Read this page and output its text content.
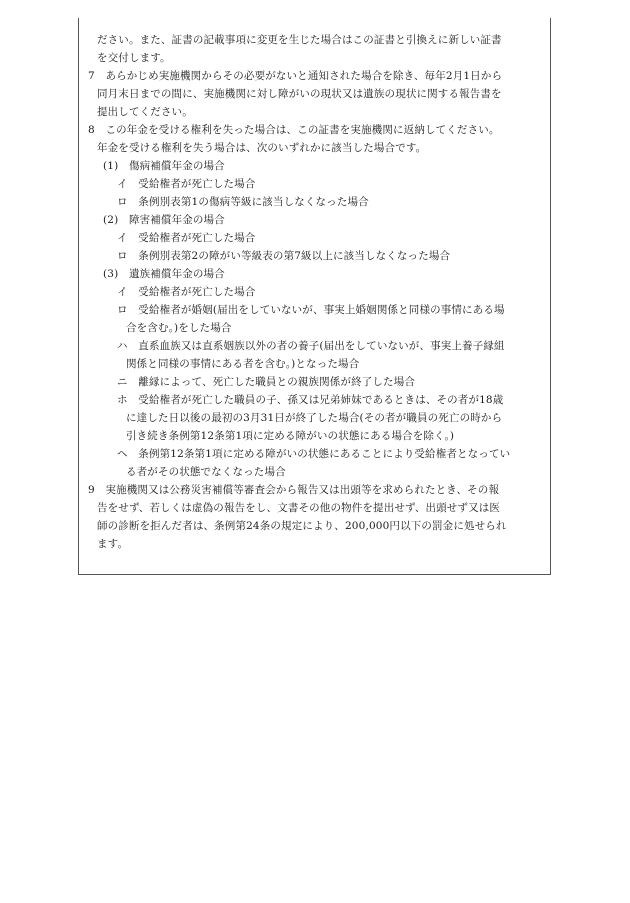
ださい。また、証書の記載事項に変更を生じた場合はこの証書と引換えに新しい証書
を交付します。
7　あらかじめ実施機関からその必要がないと通知された場合を除き、毎年2月1日から
同月末日までの間に、実施機関に対し障がいの現状又は遺族の現状に関する報告書を
提出してください。
8　この年金を受ける権利を失った場合は、この証書を実施機関に返納してください。
年金を受ける権利を失う場合は、次のいずれかに該当した場合です。
(1)　傷病補償年金の場合
イ　受給権者が死亡した場合
ロ　条例別表第1の傷病等級に該当しなくなった場合
(2)　障害補償年金の場合
イ　受給権者が死亡した場合
ロ　条例別表第2の障がい等級表の第7級以上に該当しなくなった場合
(3)　遺族補償年金の場合
イ　受給権者が死亡した場合
ロ　受給権者が婚姻(届出をしていないが、事実上婚姻関係と同様の事情にある場
合を含む。)をした場合
ハ　直系血族又は直系姻族以外の者の養子(届出をしていないが、事実上養子縁組
関係と同様の事情にある者を含む。)となった場合
ニ　離縁によって、死亡した職員との親族関係が終了した場合
ホ　受給権者が死亡した職員の子、孫又は兄弟姉妹であるときは、その者が18歳
に達した日以後の最初の3月31日が終了した場合(その者が職員の死亡の時から
引き続き条例第12条第1項に定める障がいの状態にある場合を除く。)
ヘ　条例第12条第1項に定める障がいの状態にあることにより受給権者となってい
る者がその状態でなくなった場合
9　実施機関又は公務災害補償等審査会から報告又は出頭等を求められたとき、その報
告をせず、若しくは虚偽の報告をし、文書その他の物件を提出せず、出頭せず又は医
師の診断を拒んだ者は、条例第24条の規定により、200,000円以下の罰金に処せられ
ます。
